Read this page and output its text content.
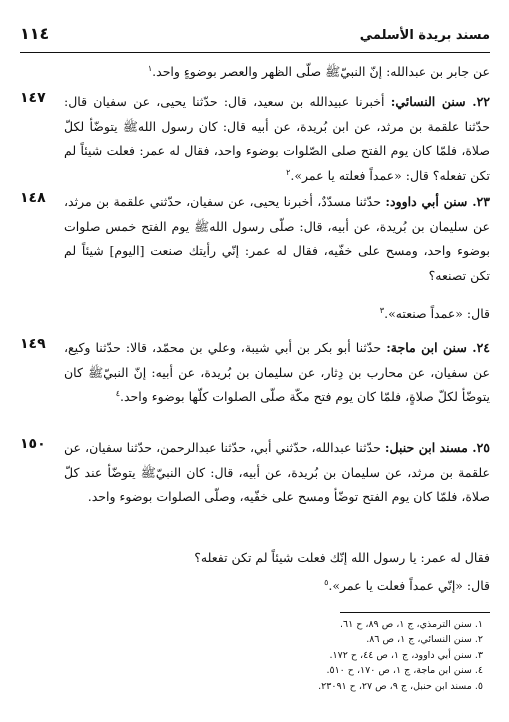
١١٤	مسند بريدة الأسلمي
عن جابر بن عبدالله: إنّ النبيّﷺ صلّى الظهر والعصر بوضوءٍ واحد.$^١$
١٤٧	٢٢. سنن النسائي: أخبرنا عبيدالله بن سعيد، قال: حدّثنا يحيى، عن سفيان قال: حدّثنا علقمة بن مرثد، عن ابن بُريدة، عن أبيه قال: كان رسول اللهﷺ يتوضّأ لكلّ صلاة، فلمّا كان يوم الفتح صلى الصّلوات بوضوء واحد، فقال له عمر: فعلت شيئاً لم تكن تفعله؟ قال: «عمداً فعلته يا عمر».$^٢$
١٤٨	٢٣. سنن أبي داوود: حدّثنا مسدّدٌ، أخبرنا يحيى، عن سفيان، حدّثني علقمة بن مرثد، عن سليمان بن بُريدة، عن أبيه، قال: صلّى رسول اللهﷺ يوم الفتح خمس صلوات بوضوء واحد، ومسح على خفّيه، فقال له عمر: إنّي رأيتك صنعت [اليوم] شيئاً لم تكن تصنعه؟
قال: «عمداً صنعته».$^٣$
١٤٩	٢٤. سنن ابن ماجة: حدّثنا أبو بكر بن أبي شيبة، وعلي بن محمّد، قالا: حدّثنا وكيع، عن سفيان، عن محارب بن دِثار، عن سليمان بن بُريدة، عن أبيه: إنّ النبيّﷺ كان يتوضّأ لكلّ صلاةٍ، فلمّا كان يوم فتح مكّة صلّى الصلوات كلّها بوضوء واحد.$^٤$
١٥٠	٢٥. مسند ابن حنبل: حدّثنا عبدالله، حدّثني أبي، حدّثنا عبدالرحمن، حدّثنا سفيان، عن علقمة بن مرثد، عن سليمان بن بُريدة، عن أبيه، قال: كان النبيّﷺ يتوضّأ عند كلّ صلاة، فلمّا كان يوم الفتح توضّأ ومسح على خفّيه، وصلّى الصلوات بوضوء واحد.
فقال له عمر: يا رسول الله إنّك فعلت شيئاً لم تكن تفعله؟
قال: «إنّي عمداً فعلت يا عمر».$^٥$
١. سنن الترمذي، ج ١، ص ٨٩، ح ٦١.
٢. سنن النسائي، ج ١، ص ٨٦.
٣. سنن أبي داوود، ج ١، ص ٤٤، ح ١٧٢.
٤. سنن ابن ماجة، ج ١، ص ١٧٠، ح ٥١٠.
٥. مسند ابن حنبل، ج ٩، ص ٢٧، ح ٢٣٠٩١.
